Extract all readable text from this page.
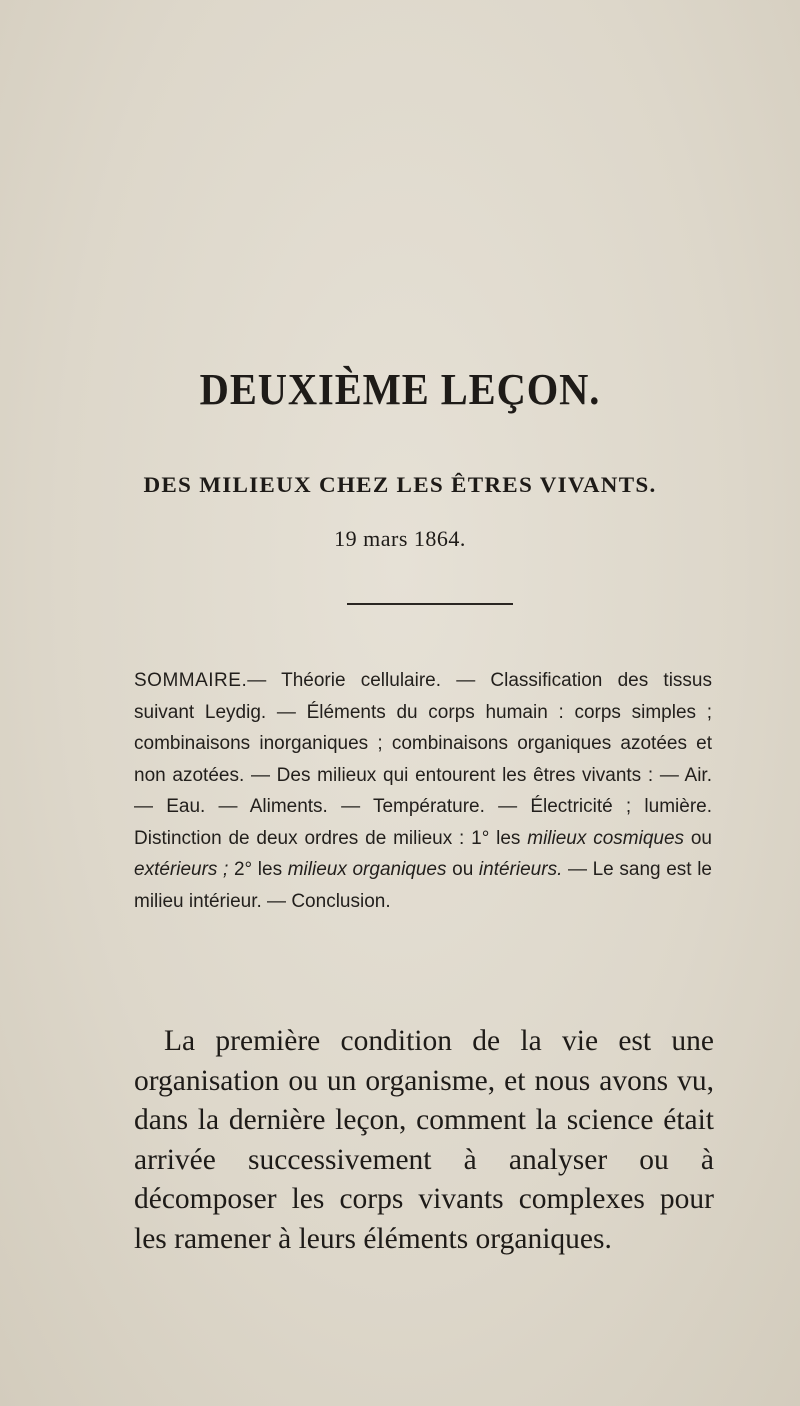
DEUXIÈME LEÇON.
DES MILIEUX CHEZ LES ÊTRES VIVANTS.
19 mars 1864.
SOMMAIRE.— Théorie cellulaire. — Classification des tissus suivant Leydig. — Éléments du corps humain : corps simples ; combinaisons inorganiques ; combinaisons organiques azotées et non azotées. — Des milieux qui entourent les êtres vivants : — Air. — Eau. — Aliments. — Température. — Électricité ; lumière. Distinction de deux ordres de milieux : 1° les milieux cosmiques ou extérieurs ; 2° les milieux organiques ou intérieurs. — Le sang est le milieu intérieur. — Conclusion.

La première condition de la vie est une organisation ou un organisme, et nous avons vu, dans la dernière leçon, comment la science était arrivée successivement à analyser ou à décomposer les corps vivants complexes pour les ramener à leurs éléments organiques.
